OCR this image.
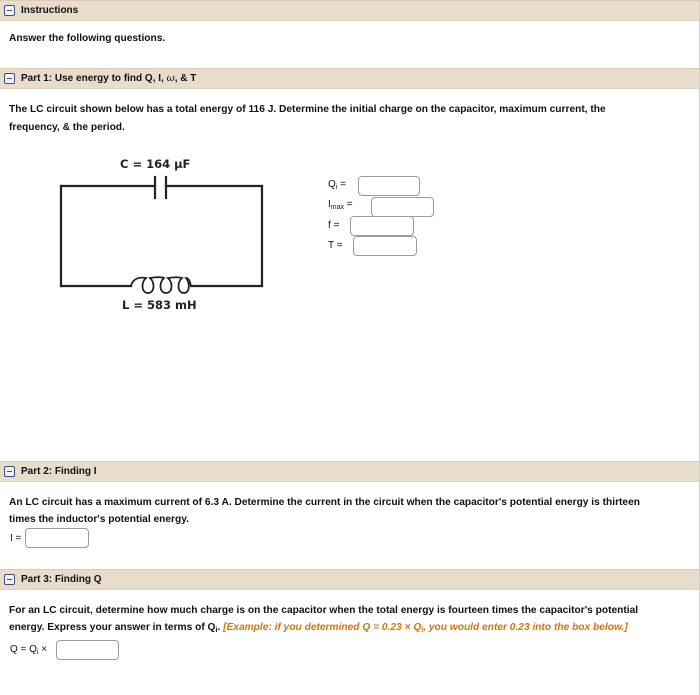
Instructions
Answer the following questions.
Part 1: Use energy to find Q, I, ω, & T
The LC circuit shown below has a total energy of 116 J. Determine the initial charge on the capacitor, maximum current, the
frequency, & the period.
C = 164 μF
L = 583 mH
$Q_i$ =
$I_{max}$ =
f =
T =
Part 2: Finding I
An LC circuit has a maximum current of 6.3 A. Determine the current in the circuit when the capacitor's potential energy is thirteen
times the inductor's potential energy.
I =
Part 3: Finding Q
For an LC circuit, determine how much charge is on the capacitor when the total energy is fourteen times the capacitor's potential
energy. Express your answer in terms of $Q_i$. [Example: if you determined $Q = 0.23 \times Q_i$, you would enter 0.23 into the box below.]
$Q = Q_i$ ×
